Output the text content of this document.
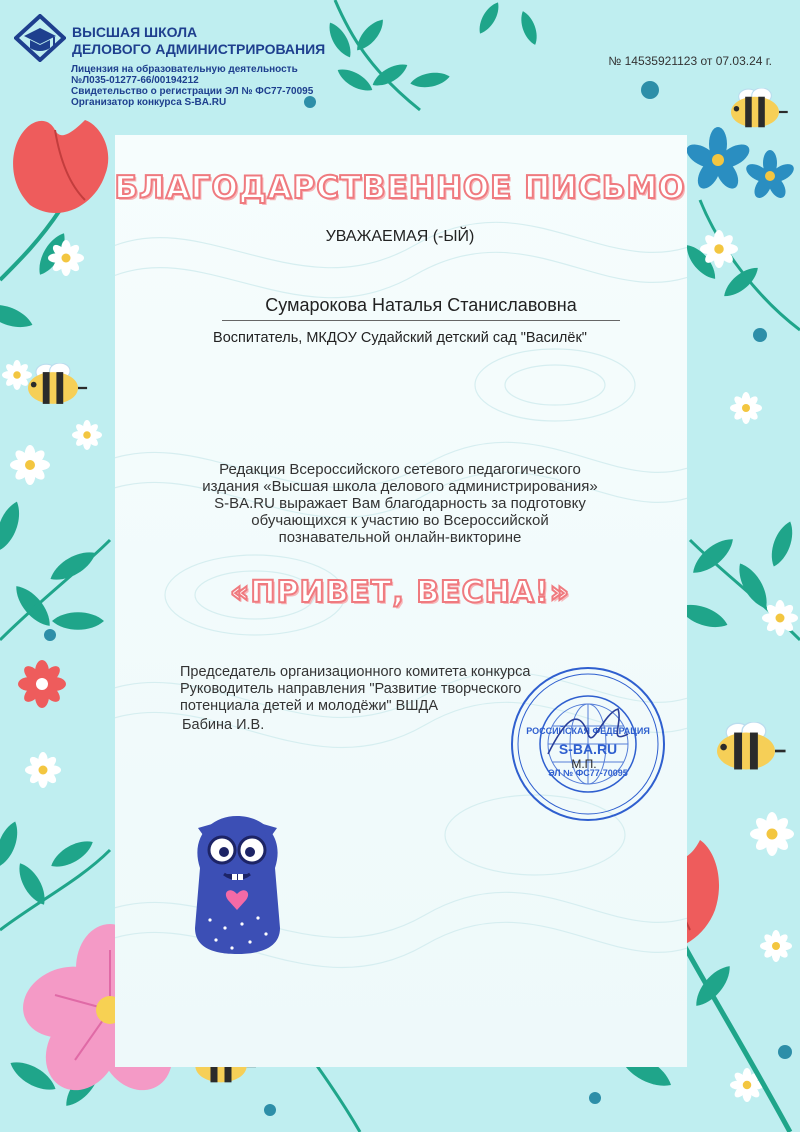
ВЫСШАЯ ШКОЛА
ДЕЛОВОГО АДМИНИСТРИРОВАНИЯ
Лицензия на образовательную деятельность
№Л035-01277-66/00194212
Свидетельство о регистрации ЭЛ № ФС77-70095
Организатор конкурса S-BA.RU
№ 14535921123 от 07.03.24 г.
БЛАГОДАРСТВЕННОЕ ПИСЬМО
УВАЖАЕМАЯ (-ЫЙ)
Сумарокова Наталья Станиславовна
Воспитатель, МКДОУ Судайский детский сад "Василёк"
Редакция Всероссийского сетевого педагогического
издания «Высшая школа делового администрирования»
S-BA.RU выражает Вам благодарность за подготовку
обучающихся к участию во Всероссийской
познавательной онлайн-викторине
«ПРИВЕТ, ВЕСНА!»
Председатель организационного комитета конкурса
Руководитель направления "Развитие творческого
потенциала детей и молодёжи" ВШДА
Бабина И.В.	РОССИЙСКАЯ ФЕДЕРАЦИЯ
S-BA.RU
ЭЛ № ФС77-70095
М.П.
